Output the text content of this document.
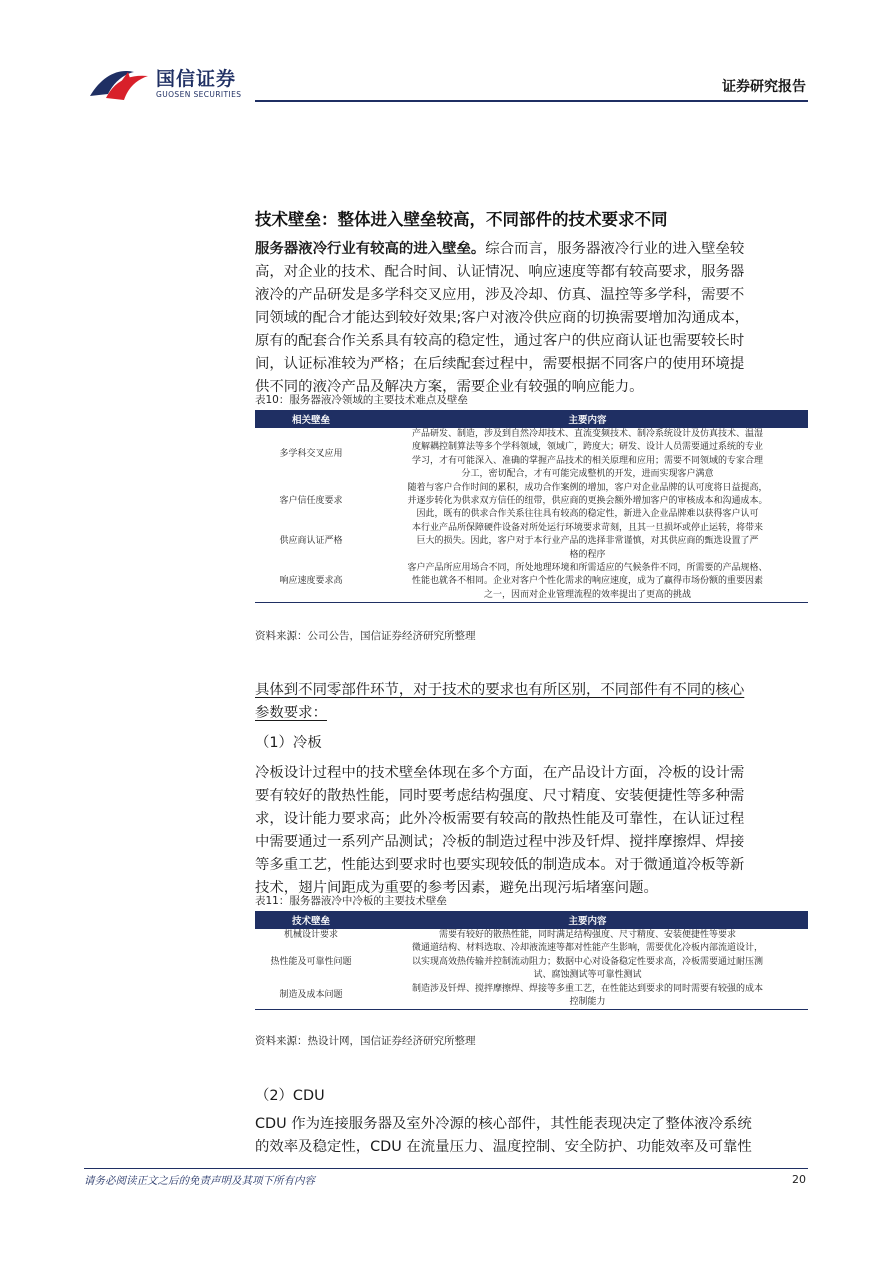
国信证券
GUOSEN SECURITIES	证券研究报告
技术壁垒：整体进入壁垒较高，不同部件的技术要求不同
服务器液冷行业有较高的进入壁垒。综合而言，服务器液冷行业的进入壁垒较
高，对企业的技术、配合时间、认证情况、响应速度等都有较高要求，服务器
液冷的产品研发是多学科交叉应用，涉及冷却、仿真、温控等多学科，需要不
同领域的配合才能达到较好效果;客户对液冷供应商的切换需要增加沟通成本，
原有的配套合作关系具有较高的稳定性，通过客户的供应商认证也需要较长时
间，认证标准较为严格；在后续配套过程中，需要根据不同客户的使用环境提
供不同的液冷产品及解决方案，需要企业有较强的响应能力。
表10：服务器液冷领域的主要技术难点及壁垒
相关壁垒	主要内容
多学科交叉应用	产品研发、制造，涉及到自然冷却技术、直流变频技术、制冷系统设计及仿真技术、温湿
度解耦控制算法等多个学科领域，领域广，跨度大；研发、设计人员需要通过系统的专业
学习，才有可能深入、准确的掌握产品技术的相关原理和应用；需要不同领域的专家合理
分工，密切配合，才有可能完成整机的开发，进而实现客户满意

客户信任度要求	随着与客户合作时间的累积，成功合作案例的增加，客户对企业品牌的认可度将日益提高，
并逐步转化为供求双方信任的纽带，供应商的更换会额外增加客户的审核成本和沟通成本。
因此，既有的供求合作关系往往具有较高的稳定性，新进入企业品牌难以获得客户认可

供应商认证严格	本行业产品所保障硬件设备对所处运行环境要求苛刻，且其一旦损坏或停止运转，将带来
巨大的损失。因此，客户对于本行业产品的选择非常谨慎，对其供应商的甄选设置了严
格的程序

响应速度要求高	客户产品所应用场合不同，所处地理环境和所需适应的气候条件不同，所需要的产品规格、
性能也就各不相同。企业对客户个性化需求的响应速度，成为了赢得市场份额的重要因素
之一，因而对企业管理流程的效率提出了更高的挑战
资料来源：公司公告，国信证券经济研究所整理
具体到不同零部件环节，对于技术的要求也有所区别，不同部件有不同的核心
参数要求：
（1）冷板
冷板设计过程中的技术壁垒体现在多个方面，在产品设计方面，冷板的设计需
要有较好的散热性能，同时要考虑结构强度、尺寸精度、安装便捷性等多种需
求，设计能力要求高；此外冷板需要有较高的散热性能及可靠性，在认证过程
中需要通过一系列产品测试；冷板的制造过程中涉及钎焊、搅拌摩擦焊、焊接
等多重工艺，性能达到要求时也要实现较低的制造成本。对于微通道冷板等新
技术，翅片间距成为重要的参考因素，避免出现污垢堵塞问题。
表11：服务器液冷中冷板的主要技术壁垒
技术壁垒	主要内容
机械设计要求	需要有较好的散热性能，同时满足结构强度、尺寸精度、安装便捷性等要求

热性能及可靠性问题	微通道结构、材料选取、冷却液流速等都对性能产生影响，需要优化冷板内部流道设计，
以实现高效热传输并控制流动阻力；数据中心对设备稳定性要求高，冷板需要通过耐压测
试、腐蚀测试等可靠性测试

制造及成本问题	制造涉及钎焊、搅拌摩擦焊、焊接等多重工艺，在性能达到要求的同时需要有较强的成本
控制能力
资料来源：热设计网，国信证券经济研究所整理
（2）CDU
CDU 作为连接服务器及室外冷源的核心部件，其性能表现决定了整体液冷系统
的效率及稳定性，CDU 在流量压力、温度控制、安全防护、功能效率及可靠性
请务必阅读正文之后的免责声明及其项下所有内容	20
